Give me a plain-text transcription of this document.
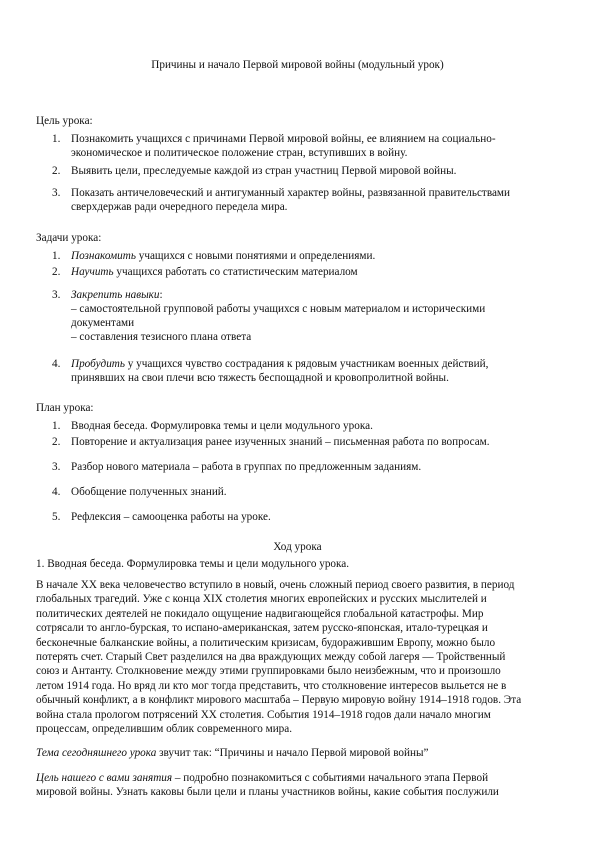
Причины и начало Первой мировой войны (модульный урок)
Цель урока:
1. Познакомить учащихся с причинами Первой мировой войны, ее влиянием на социально-
экономическое и политическое положение стран, вступивших в войну.
2. Выявить цели, преследуемые каждой из стран участниц Первой мировой войны.
3. Показать античеловеческий и антигуманный характер войны, развязанной правительствами
сверхдержав ради очередного передела мира.
Задачи урока:
1. Познакомить учащихся с новыми понятиями и определениями.
2. Научить учащихся работать со статистическим материалом
3. Закрепить навыки:
– самостоятельной групповой работы учащихся с новым материалом и историческими
документами
– составления тезисного плана ответа
4. Пробудить у учащихся чувство сострадания к рядовым участникам военных действий,
принявших на свои плечи всю тяжесть беспощадной и кровопролитной войны.
План урока:
1. Вводная беседа. Формулировка темы и цели модульного урока.
2. Повторение и актуализация ранее изученных знаний – письменная работа по вопросам.
3. Разбор нового материала – работа в группах по предложенным заданиям.
4. Обобщение полученных знаний.
5. Рефлексия – самооценка работы на уроке.
Ход урока
1. Вводная беседа. Формулировка темы и цели модульного урока.
В начале XX века человечество вступило в новый, очень сложный период своего развития, в период
глобальных трагедий. Уже с конца XIX столетия многих европейских и русских мыслителей и
политических деятелей не покидало ощущение надвигающейся глобальной катастрофы. Мир
сотрясали то англо-бурская, то испано-американская, затем русско-японская, итало-турецкая и
бесконечные балканские войны, а политическим кризисам, будоражившим Европу, можно было
потерять счет. Старый Свет разделился на два враждующих между собой лагеря — Тройственный
союз и Антанту. Столкновение между этими группировками было неизбежным, что и произошло
летом 1914 года. Но вряд ли кто мог тогда представить, что столкновение интересов выльется не в
обычный конфликт, а в конфликт мирового масштаба – Первую мировую войну 1914–1918 годов. Эта
война стала прологом потрясений XX столетия. События 1914–1918 годов дали начало многим
процессам, определившим облик современного мира.
Тема сегодняшнего урока звучит так: “Причины и начало Первой мировой войны”
Цель нашего с вами занятия – подробно познакомиться с событиями начального этапа Первой
мировой войны. Узнать каковы были цели и планы участников войны, какие события послужили
